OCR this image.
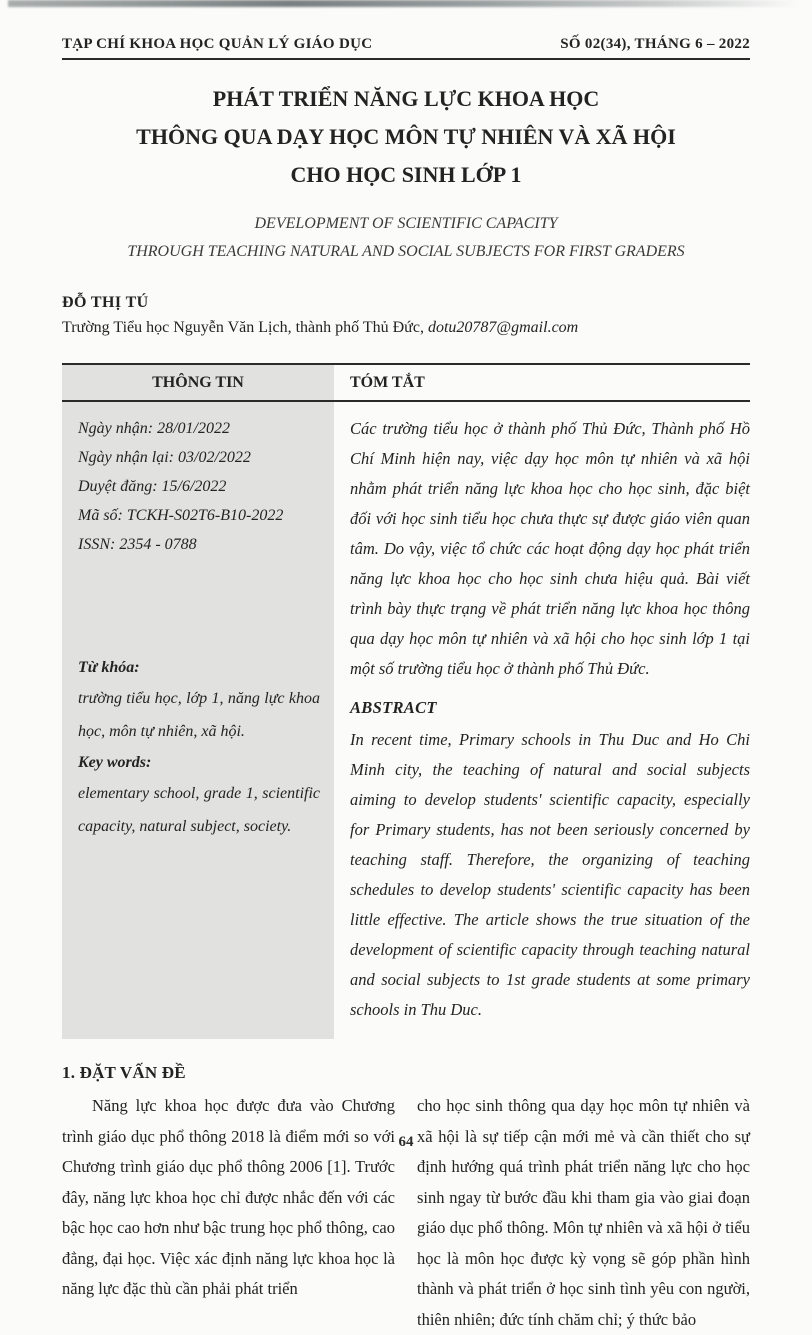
TẠP CHÍ KHOA HỌC QUẢN LÝ GIÁO DỤC	SỐ 02(34), THÁNG 6 – 2022
PHÁT TRIỂN NĂNG LỰC KHOA HỌC
THÔNG QUA DẠY HỌC MÔN TỰ NHIÊN VÀ XÃ HỘI
CHO HỌC SINH LỚP 1
DEVELOPMENT OF SCIENTIFIC CAPACITY
THROUGH TEACHING NATURAL AND SOCIAL SUBJECTS FOR FIRST GRADERS
ĐỖ THỊ TÚ
Trường Tiểu học Nguyễn Văn Lịch, thành phố Thủ Đức, dotu20787@gmail.com
THÔNG TIN	TÓM TẮT
Ngày nhận: 28/01/2022
Ngày nhận lại: 03/02/2022
Duyệt đăng: 15/6/2022
Mã số: TCKH-S02T6-B10-2022
ISSN: 2354 - 0788
Từ khóa:
trường tiểu học, lớp 1, năng lực khoa học, môn tự nhiên, xã hội.
Key words:
elementary school, grade 1, scientific capacity, natural subject, society.
Các trường tiểu học ở thành phố Thủ Đức, Thành phố Hồ Chí Minh hiện nay, việc dạy học môn tự nhiên và xã hội nhằm phát triển năng lực khoa học cho học sinh, đặc biệt đối với học sinh tiểu học chưa thực sự được giáo viên quan tâm. Do vậy, việc tổ chức các hoạt động dạy học phát triển năng lực khoa học cho học sinh chưa hiệu quả. Bài viết trình bày thực trạng về phát triển năng lực khoa học thông qua dạy học môn tự nhiên và xã hội cho học sinh lớp 1 tại một số trường tiểu học ở thành phố Thủ Đức.
ABSTRACT
In recent time, Primary schools in Thu Duc and Ho Chi Minh city, the teaching of natural and social subjects aiming to develop students' scientific capacity, especially for Primary students, has not been seriously concerned by teaching staff. Therefore, the organizing of teaching schedules to develop students' scientific capacity has been little effective. The article shows the true situation of the development of scientific capacity through teaching natural and social subjects to 1st grade students at some primary schools in Thu Duc.
1. ĐẶT VẤN ĐỀ

Năng lực khoa học được đưa vào Chương trình giáo dục phổ thông 2018 là điểm mới so với Chương trình giáo dục phổ thông 2006 [1]. Trước đây, năng lực khoa học chỉ được nhắc đến với các bậc học cao hơn như bậc trung học phổ thông, cao đẳng, đại học. Việc xác định năng lực khoa học là năng lực đặc thù cần phải phát triển

cho học sinh thông qua dạy học môn tự nhiên và xã hội là sự tiếp cận mới mẻ và cần thiết cho sự định hướng quá trình phát triển năng lực cho học sinh ngay từ bước đầu khi tham gia vào giai đoạn giáo dục phổ thông. Môn tự nhiên và xã hội ở tiểu học là môn học được kỳ vọng sẽ góp phần hình thành và phát triển ở học sinh tình yêu con người, thiên nhiên; đức tính chăm chỉ; ý thức bảo

64
